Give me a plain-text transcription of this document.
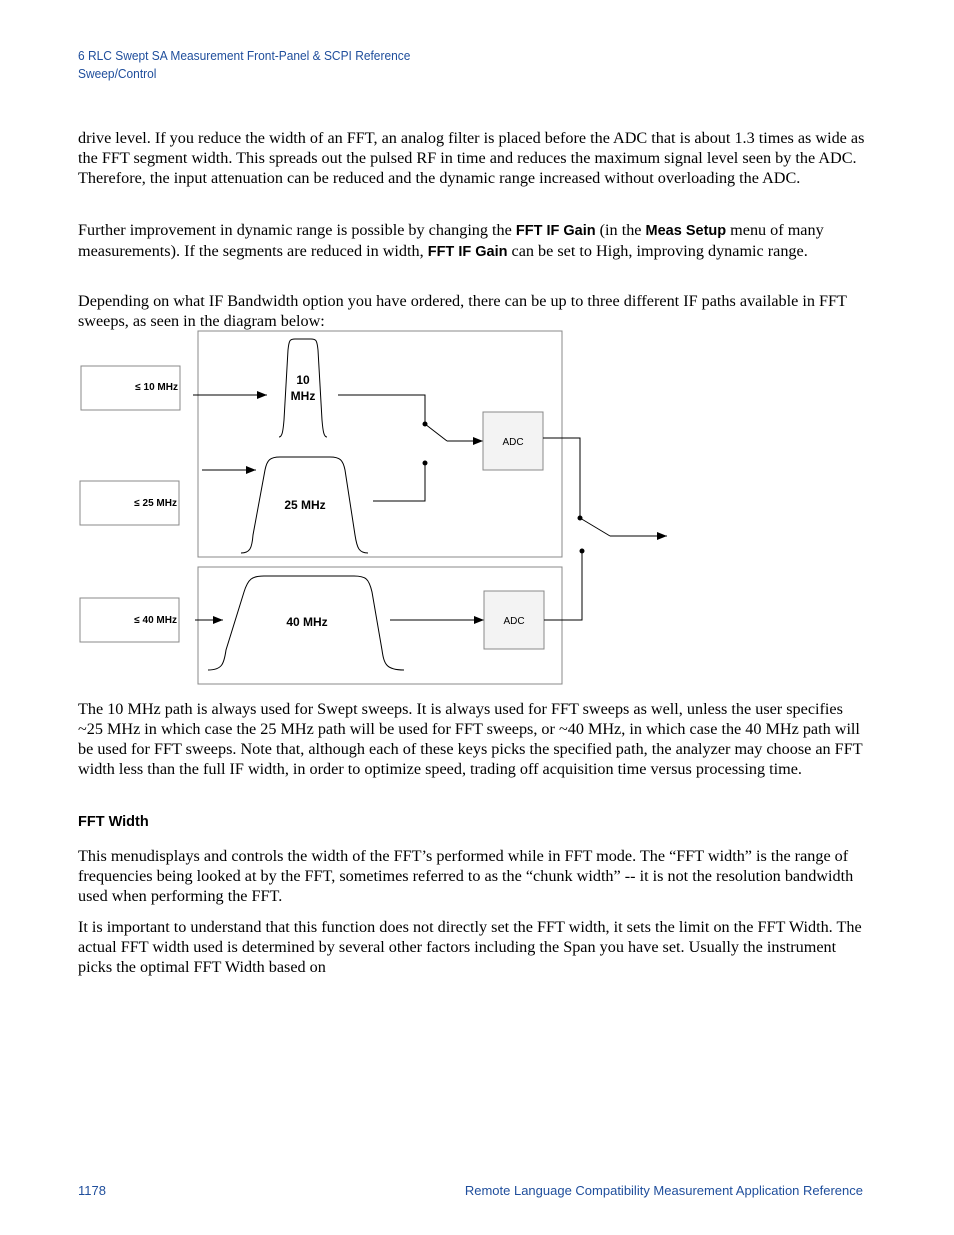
6 RLC Swept SA Measurement Front-Panel & SCPI Reference
Sweep/Control

drive level. If you reduce the width of an FFT, an analog filter is placed before the ADC that is about 1.3 times as wide as the FFT segment width. This spreads out the pulsed RF in time and reduces the maximum signal level seen by the ADC. Therefore, the input attenuation can be reduced and the dynamic range increased without overloading the ADC.

Further improvement in dynamic range is possible by changing the FFT IF Gain (in the Meas Setup menu of many measurements). If the segments are reduced in width, FFT IF Gain can be set to High, improving dynamic range.

Depending on what IF Bandwidth option you have ordered, there can be up to three different IF paths available in FFT sweeps, as seen in the diagram below:

≤ 10 MHz
≤ 25 MHz
≤ 40 MHz
10
MHz
25 MHz
40 MHz
ADC
ADC

The 10 MHz path is always used for Swept sweeps. It is always used for FFT sweeps as well, unless the user specifies ~25 MHz in which case the 25 MHz path will be used for FFT sweeps, or ~40 MHz, in which case the 40 MHz path will be used for FFT sweeps. Note that, although each of these keys picks the specified path, the analyzer may choose an FFT width less than the full IF width, in order to optimize speed, trading off acquisition time versus processing time.

FFT Width

This menudisplays and controls the width of the FFT’s performed while in FFT mode. The “FFT width” is the range of frequencies being looked at by the FFT, sometimes referred to as the “chunk width” -- it is not the resolution bandwidth used when performing the FFT.

It is important to understand that this function does not directly set the FFT width, it sets the limit on the FFT Width. The actual FFT width used is determined by several other factors including the Span you have set. Usually the instrument picks the optimal FFT Width based on

1178	Remote Language Compatibility Measurement Application Reference
